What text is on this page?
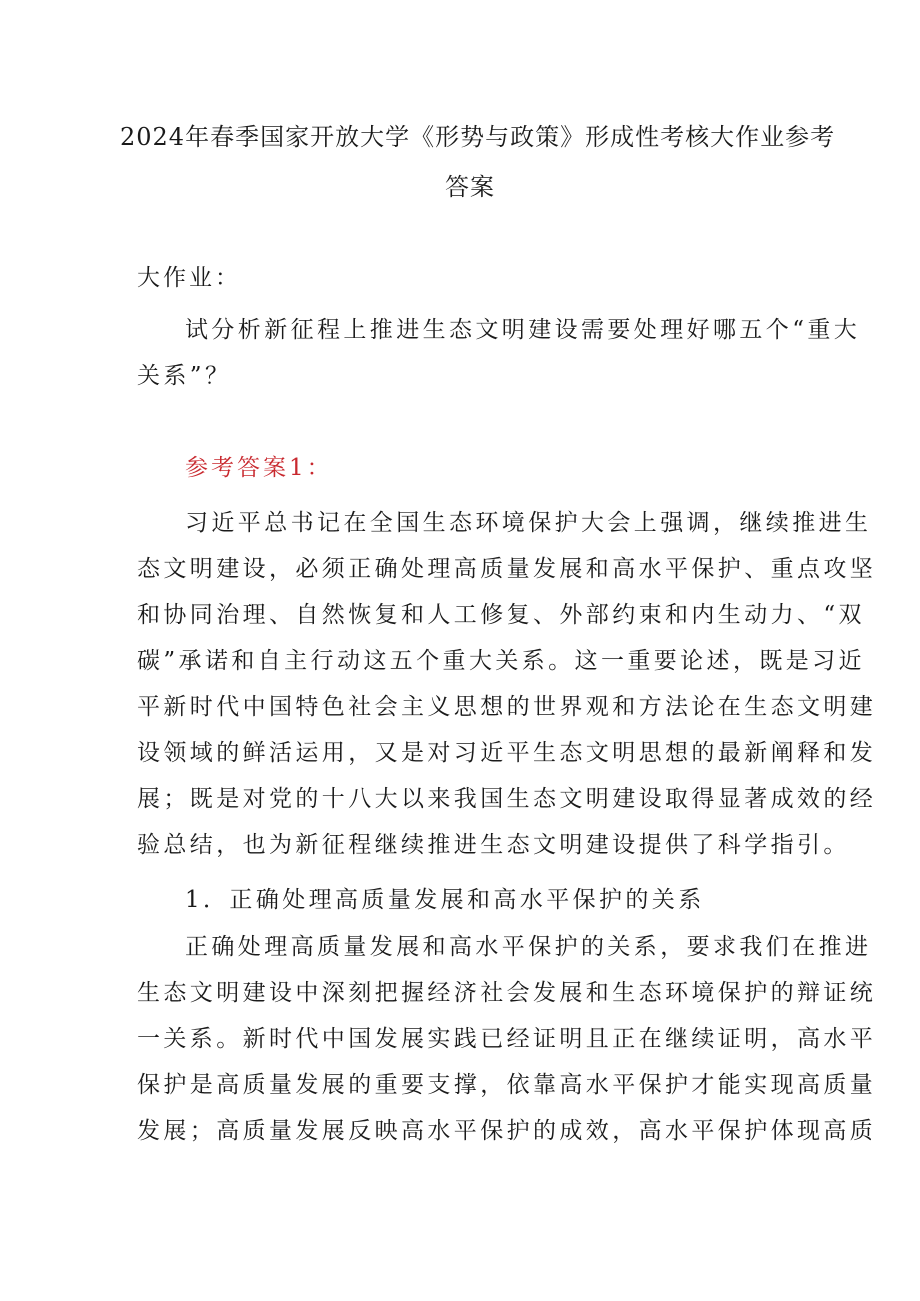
2024年春季国家开放大学《形势与政策》形成性考核大作业参考
答案
大作业：
试分析新征程上推进生态文明建设需要处理好哪五个“重大
关系”？
参考答案1：
习近平总书记在全国生态环境保护大会上强调，继续推进生
态文明建设，必须正确处理高质量发展和高水平保护、重点攻坚
和协同治理、自然恢复和人工修复、外部约束和内生动力、“双
碳”承诺和自主行动这五个重大关系。这一重要论述，既是习近
平新时代中国特色社会主义思想的世界观和方法论在生态文明建
设领域的鲜活运用，又是对习近平生态文明思想的最新阐释和发
展；既是对党的十八大以来我国生态文明建设取得显著成效的经
验总结，也为新征程继续推进生态文明建设提供了科学指引。
1．正确处理高质量发展和高水平保护的关系
正确处理高质量发展和高水平保护的关系，要求我们在推进
生态文明建设中深刻把握经济社会发展和生态环境保护的辩证统
一关系。新时代中国发展实践已经证明且正在继续证明，高水平
保护是高质量发展的重要支撑，依靠高水平保护才能实现高质量
发展；高质量发展反映高水平保护的成效，高水平保护体现高质
